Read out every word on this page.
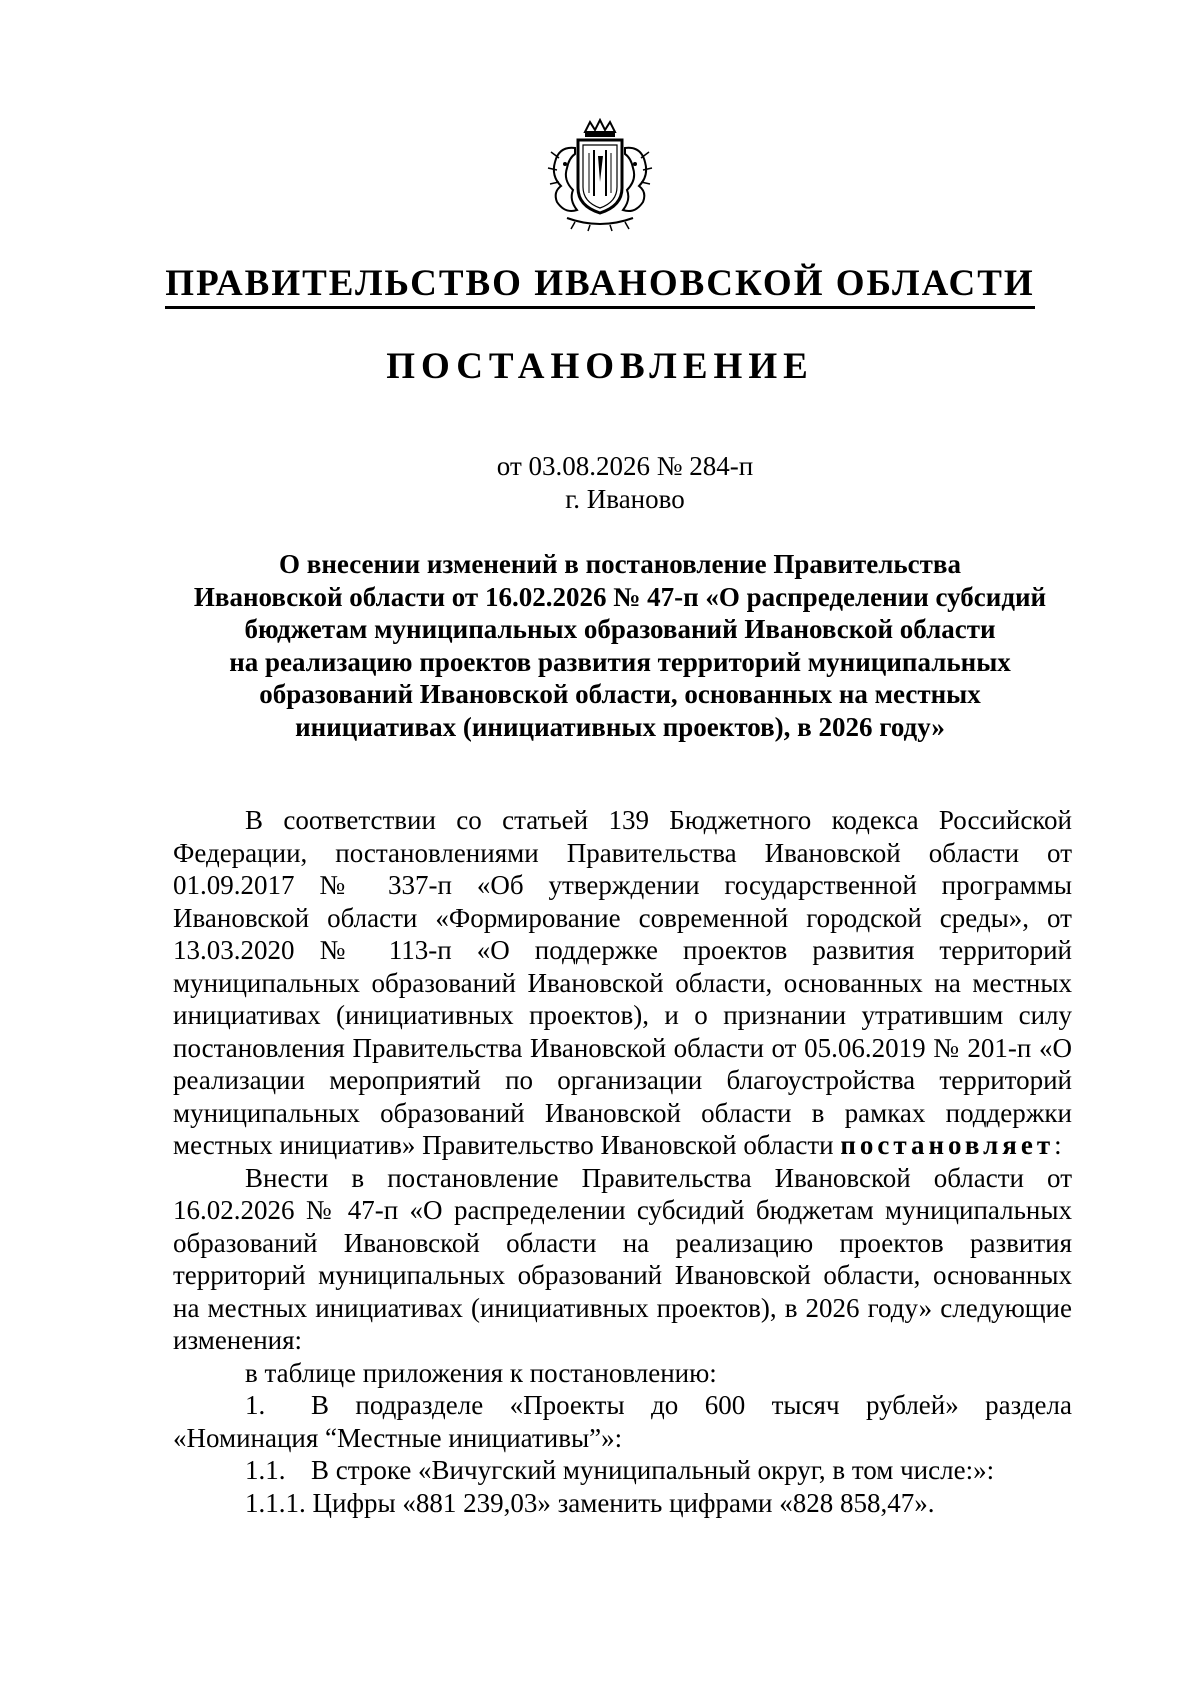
ПРАВИТЕЛЬСТВО ИВАНОВСКОЙ ОБЛАСТИ
ПОСТАНОВЛЕНИЕ
от 03.08.2026 № 284-п
г. Иваново
О внесении изменений в постановление Правительства
Ивановской области от 16.02.2026 № 47-п «О распределении субсидий
бюджетам муниципальных образований Ивановской области
на реализацию проектов развития территорий муниципальных
образований Ивановской области, основанных на местных
инициативах (инициативных проектов), в 2026 году»

В соответствии со статьей 139 Бюджетного кодекса Российской Федерации, постановлениями Правительства Ивановской области от 01.09.2017 № 337-п «Об утверждении государственной программы Ивановской области «Формирование современной городской среды», от 13.03.2020 № 113-п «О поддержке проектов развития территорий муниципальных образований Ивановской области, основанных на местных инициативах (инициативных проектов), и о признании утратившим силу постановления Правительства Ивановской области от 05.06.2019 № 201-п «О реализации мероприятий по организации благоустройства территорий муниципальных образований Ивановской области в рамках поддержки местных инициатив» Правительство Ивановской области постановляет:

Внести в постановление Правительства Ивановской области от 16.02.2026 № 47-п «О распределении субсидий бюджетам муниципальных образований Ивановской области на реализацию проектов развития территорий муниципальных образований Ивановской области, основанных на местных инициативах (инициативных проектов), в 2026 году» следующие изменения:

в таблице приложения к постановлению:

1. В подразделе «Проекты до 600 тысяч рублей» раздела «Номинация “Местные инициативы”»:

1.1. В строке «Вичугский муниципальный округ, в том числе:»:

1.1.1. Цифры «881 239,03» заменить цифрами «828 858,47».
